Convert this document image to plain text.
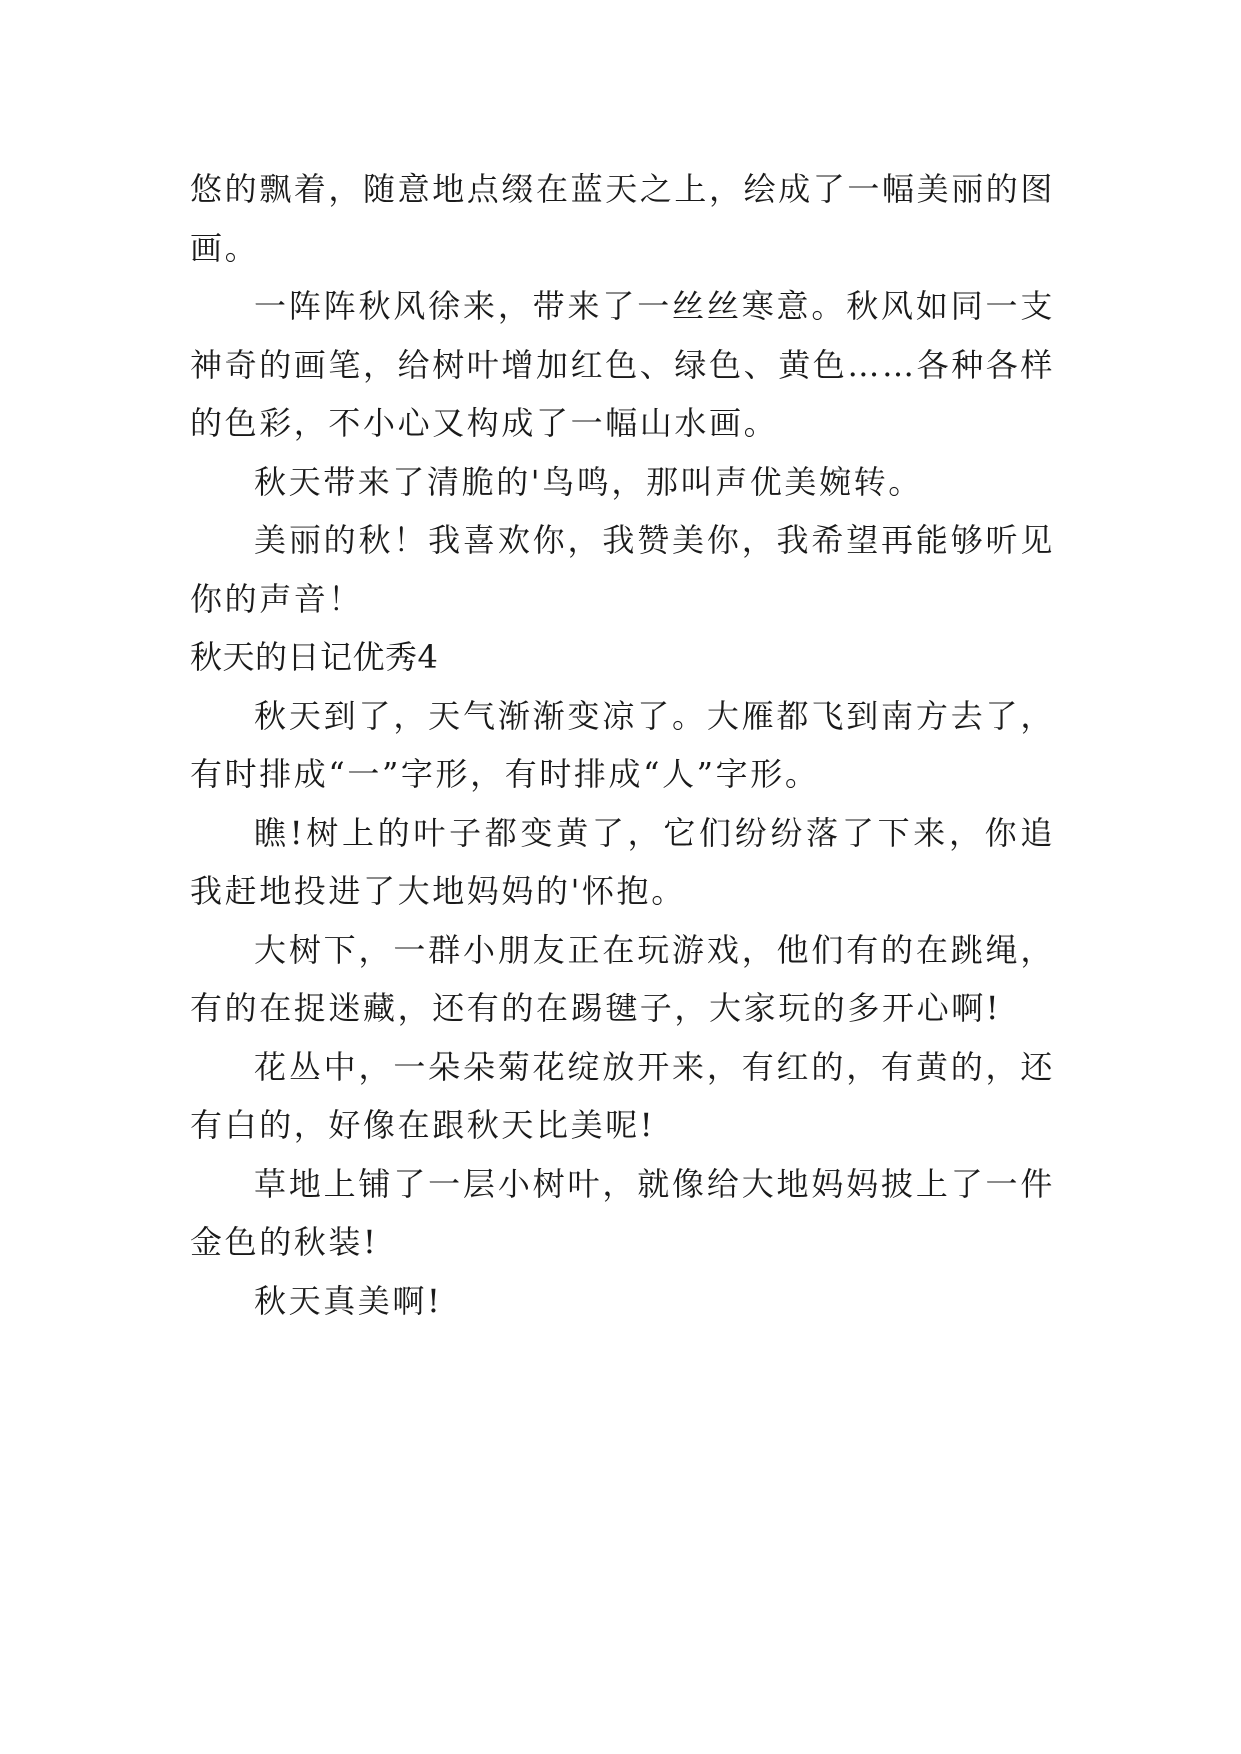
悠的飘着，随意地点缀在蓝天之上，绘成了一幅美丽的图画。

一阵阵秋风徐来，带来了一丝丝寒意。秋风如同一支神奇的画笔，给树叶增加红色、绿色、黄色……各种各样的色彩，不小心又构成了一幅山水画。

秋天带来了清脆的'鸟鸣，那叫声优美婉转。

美丽的秋！我喜欢你，我赞美你，我希望再能够听见你的声音！

秋天的日记优秀4

秋天到了，天气渐渐变凉了。大雁都飞到南方去了，有时排成“一”字形，有时排成“人”字形。

瞧!树上的叶子都变黄了，它们纷纷落了下来，你追我赶地投进了大地妈妈的'怀抱。

大树下，一群小朋友正在玩游戏，他们有的在跳绳，有的在捉迷藏，还有的在踢毽子，大家玩的多开心啊!

花丛中，一朵朵菊花绽放开来，有红的，有黄的，还有白的，好像在跟秋天比美呢!

草地上铺了一层小树叶，就像给大地妈妈披上了一件金色的秋装!

秋天真美啊!
